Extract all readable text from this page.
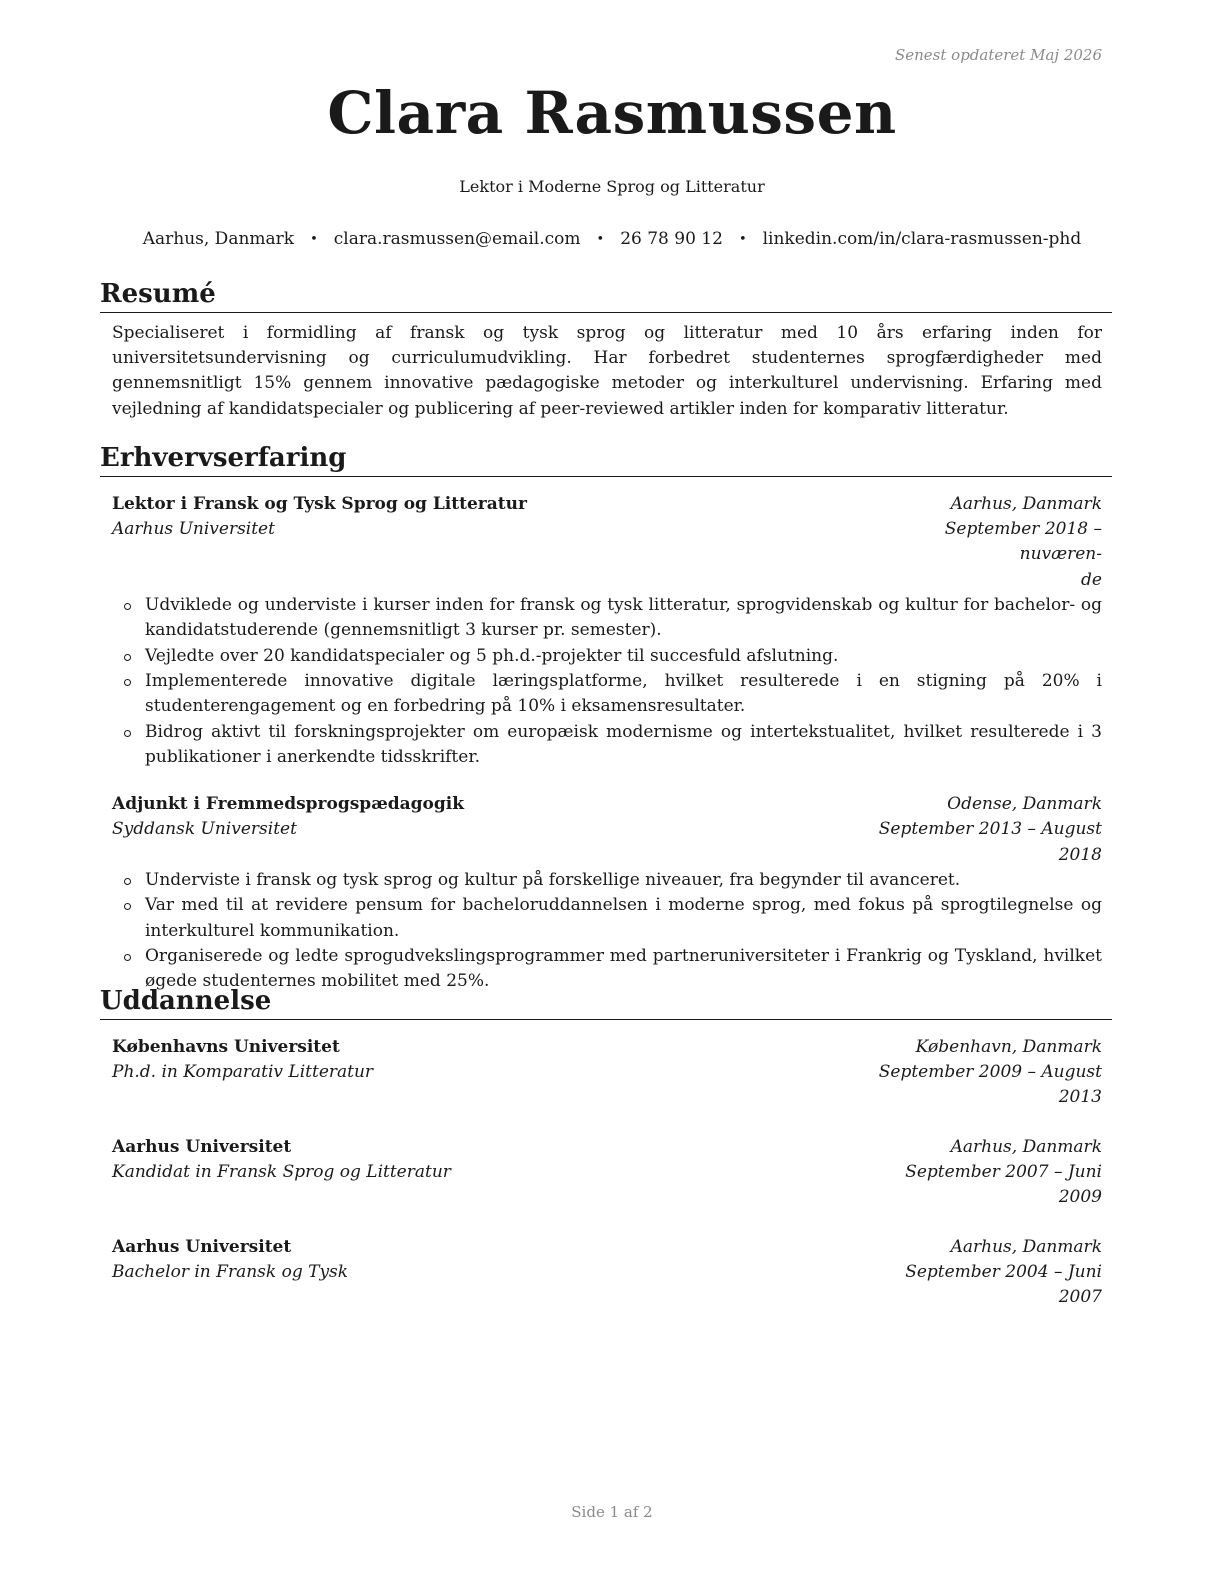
Senest opdateret Maj 2026
Clara Rasmussen
Lektor i Moderne Sprog og Litteratur
Aarhus, Danmark • clara.rasmussen@email.com • 26 78 90 12 • linkedin.com/in/clara-rasmussen-phd
Resumé
Specialiseret i formidling af fransk og tysk sprog og litteratur med 10 års erfaring inden for universitetsundervisning og curriculumudvikling. Har forbedret studenternes sprogfærdigheder med gennemsnitligt 15% gennem innovative pædagogiske metoder og interkulturel undervisning. Erfaring med vejledning af kandidatspecialer og publicering af peer-reviewed artikler inden for komparativ litteratur.
Erhvervserfaring
Lektor i Fransk og Tysk Sprog og Litteratur	Aarhus, Danmark
Aarhus Universitet	September 2018 – nuværen-
de
Udviklede og underviste i kurser inden for fransk og tysk litteratur, sprogvidenskab og kultur for bachelor- og kandidatstuderende (gennemsnitligt 3 kurser pr. semester).
Vejledte over 20 kandidatspecialer og 5 ph.d.-projekter til succesfuld afslutning.
Implementerede innovative digitale læringsplatforme, hvilket resulterede i en stigning på 20% i studenterengagement og en forbedring på 10% i eksamensresultater.
Bidrog aktivt til forskningsprojekter om europæisk modernisme og intertekstualitet, hvilket resulterede i 3 publikationer i anerkendte tidsskrifter.
Adjunkt i Fremmedsprogspædagogik	Odense, Danmark
Syddansk Universitet	September 2013 – August
2018
Underviste i fransk og tysk sprog og kultur på forskellige niveauer, fra begynder til avanceret.
Var med til at revidere pensum for bacheloruddannelsen i moderne sprog, med fokus på sprogtilegnelse og interkulturel kommunikation.
Organiserede og ledte sprogudvekslingsprogrammer med partneruniversiteter i Frankrig og Tyskland, hvilket øgede studenternes mobilitet med 25%.
Uddannelse
Københavns Universitet	København, Danmark
Ph.d. in Komparativ Litteratur	September 2009 – August
2013
Aarhus Universitet	Aarhus, Danmark
Kandidat in Fransk Sprog og Litteratur	September 2007 – Juni
2009
Aarhus Universitet	Aarhus, Danmark
Bachelor in Fransk og Tysk	September 2004 – Juni
2007
Side 1 af 2
